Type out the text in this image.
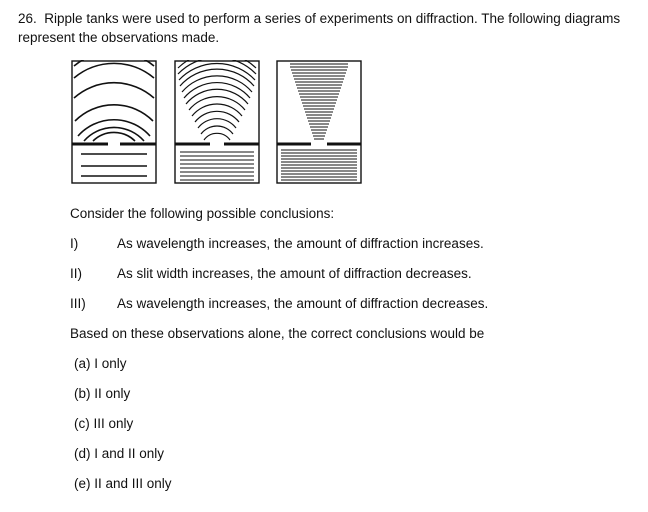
26. Ripple tanks were used to perform a series of experiments on diffraction. The following diagrams represent the observations made.

Consider the following possible conclusions:

I)	As wavelength increases, the amount of diffraction increases.
II)	As slit width increases, the amount of diffraction decreases.
III) As wavelength increases, the amount of diffraction decreases.

Based on these observations alone, the correct conclusions would be

(a) I only

(b) II only

(c) III only

(d) I and II only

(e) II and III only
